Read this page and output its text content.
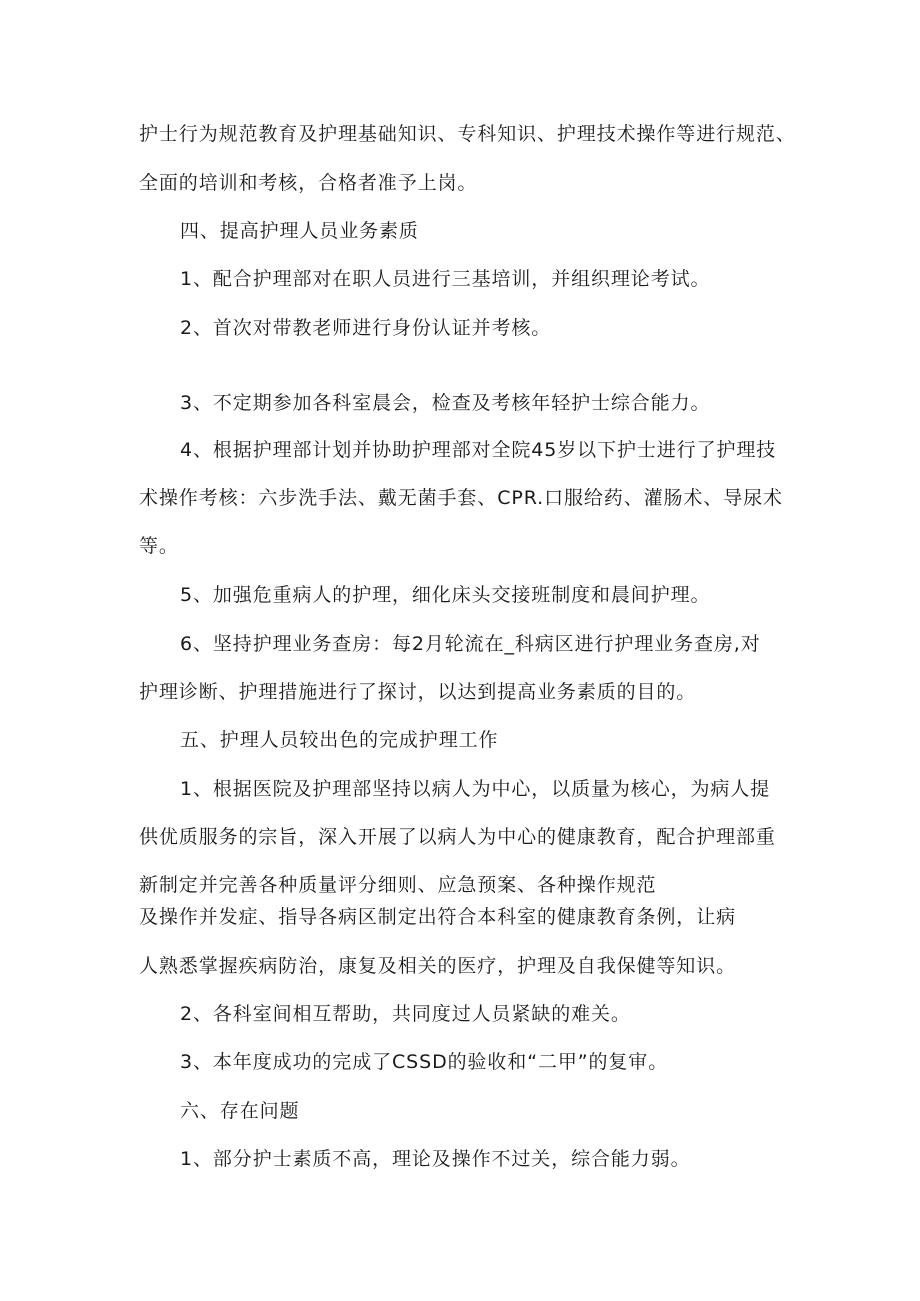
护士行为规范教育及护理基础知识、专科知识、护理技术操作等进行规范、
全面的培训和考核，合格者准予上岗。
四、提高护理人员业务素质
1、配合护理部对在职人员进行三基培训，并组织理论考试。
2、首次对带教老师进行身份认证并考核。
3、不定期参加各科室晨会，检查及考核年轻护士综合能力。
4、根据护理部计划并协助护理部对全院45岁以下护士进行了护理技
术操作考核：六步洗手法、戴无菌手套、CPR.口服给药、灌肠术、导尿术
等。
5、加强危重病人的护理，细化床头交接班制度和晨间护理。
6、坚持护理业务查房：每2月轮流在_科病区进行护理业务查房,对
护理诊断、护理措施进行了探讨，以达到提高业务素质的目的。
五、护理人员较出色的完成护理工作
1、根据医院及护理部坚持以病人为中心，以质量为核心，为病人提
供优质服务的宗旨，深入开展了以病人为中心的健康教育，配合护理部重
新制定并完善各种质量评分细则、应急预案、各种操作规范
及操作并发症、指导各病区制定出符合本科室的健康教育条例，让病
人熟悉掌握疾病防治，康复及相关的医疗，护理及自我保健等知识。
2、各科室间相互帮助，共同度过人员紧缺的难关。
3、本年度成功的完成了CSSD的验收和“二甲”的复审。
六、存在问题
1、部分护士素质不高，理论及操作不过关，综合能力弱。
